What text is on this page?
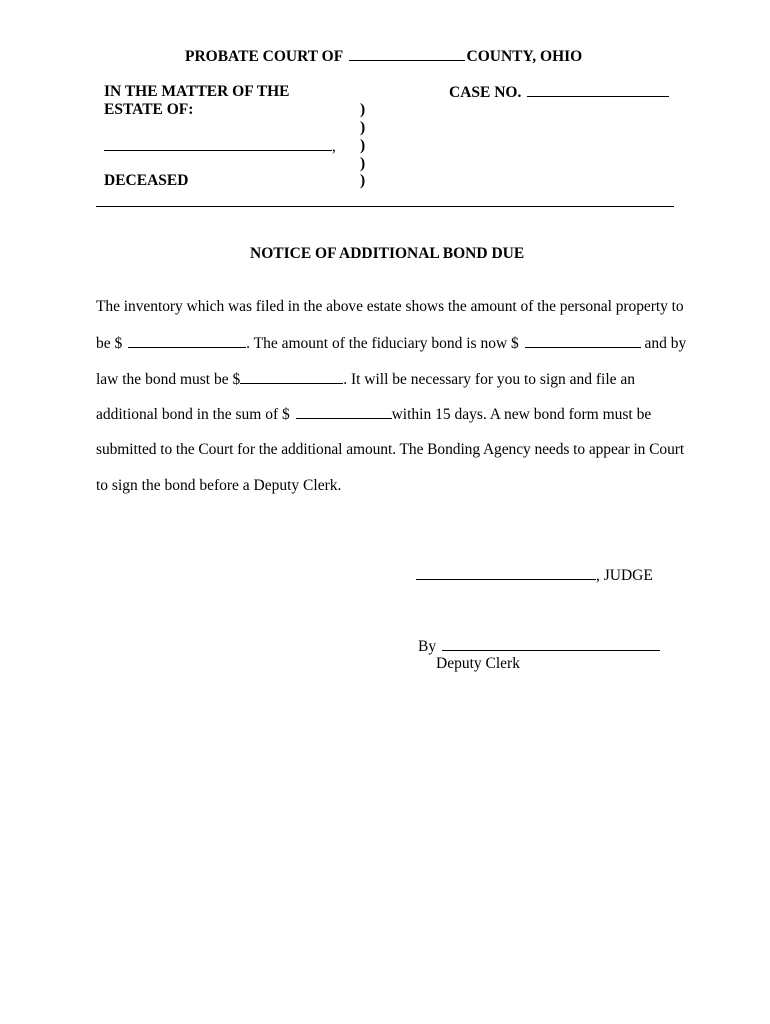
PROBATE COURT OF	COUNTY, OHIO
IN THE MATTER OF THE
ESTATE OF:
,
DECEASED
)
)
)
)
)
CASE NO.
NOTICE OF ADDITIONAL BOND DUE
The inventory which was filed in the above estate shows the amount of the personal property to
be $	. The amount of the fiduciary bond is now $	and by
law the bond must be $	. It will be necessary for you to sign and file an
additional bond in the sum of $	within 15 days. A new bond form must be
submitted to the Court for the additional amount. The Bonding Agency needs to appear in Court
to sign the bond before a Deputy Clerk.
, JUDGE
By
Deputy Clerk
